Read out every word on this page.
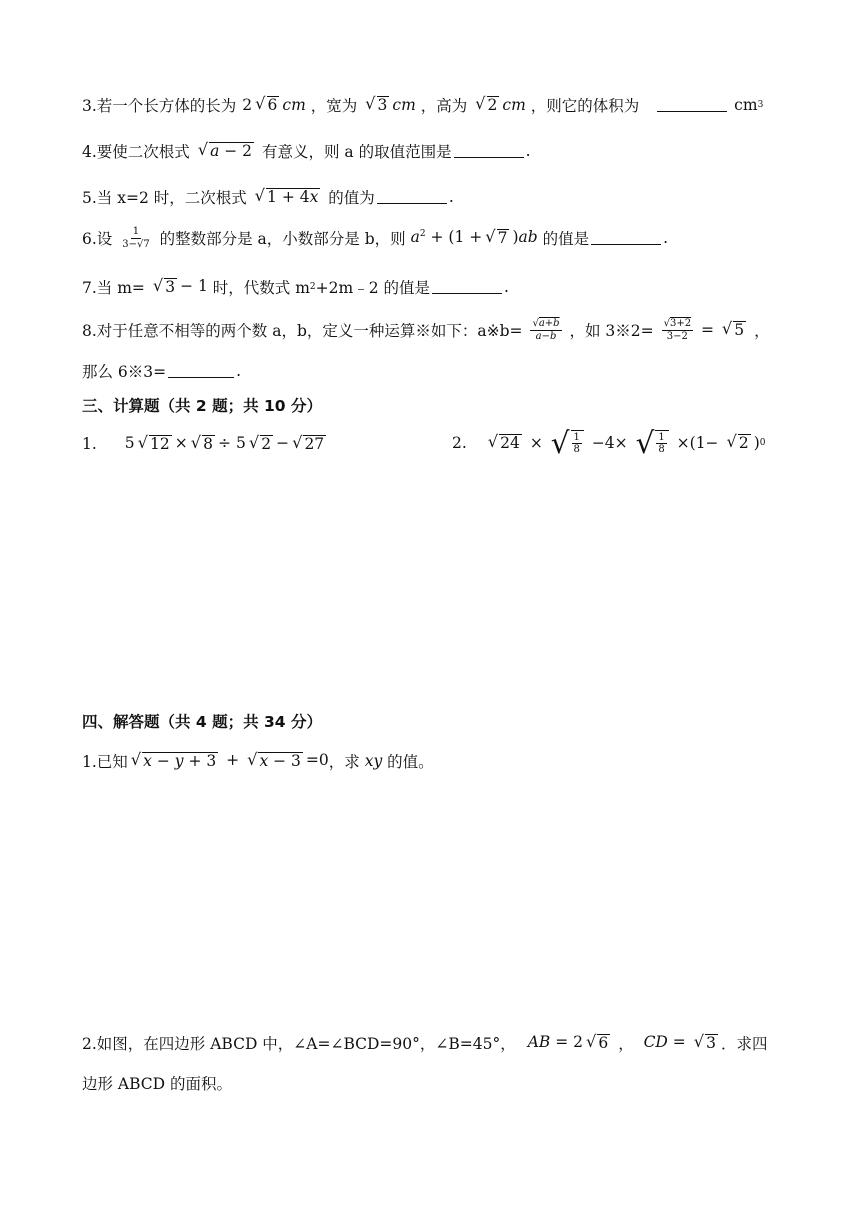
3.若一个长方体的长为 2 √ 6 cm ，宽为 √ 3 cm ，高为 √ 2 cm ，则它的体积为	cm 3
4.要使二次根式 √ a − 2 有意义，则 a 的取值范围是	.
5.当 x=2 时，二次根式 √ 1 + 4x 的值为	.
6.设 $\frac{1}{3-√7}$ 的整数部分是 a，小数部分是 b，则 $a^2 + (1$ + √ 7 )ab 的值是	.
7.当 m= √ 3 − 1 时，代数式 m 2 +2m﹣2 的值是	.
8.对于任意不相等的两个数 a，b，定义一种运算※如下：a※b= $\frac{√a+b}{a-b}$ ，如 3※2= $\frac{√3+2}{3-2}$ = √ 5 ，
那么 6※3=	.
三、计算题（共 2 题；共 10 分）
1. 5 √ 12 × √ 8 ÷ 5 √ 2 − √ 27	2. √ 24 × √ $\frac{1}{8} -4\times$ √ $\frac{1}{8} \times(1-$ √ 2 ) 0
四、解答题（共 4 题；共 34 分）
1.已知 √ x − y + 3 + √ x − 3 =0 ，求
xy
的值。
2.如图，在四边形 ABCD 中，∠A=∠BCD=90°，∠B=45°， AB = 2 √ 6 ， CD = √ 3 ．求四
边形 ABCD 的面积。
